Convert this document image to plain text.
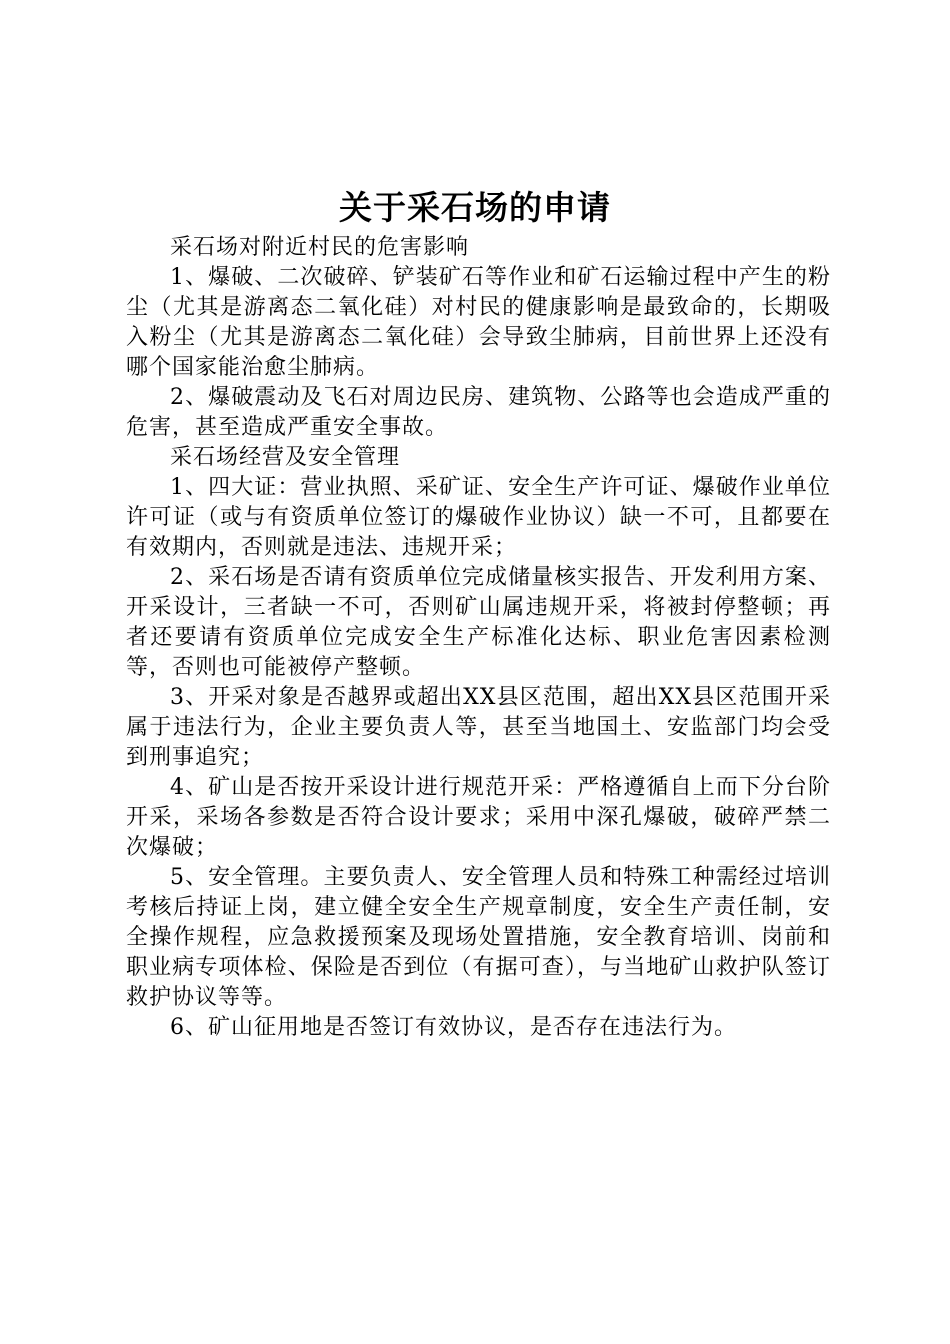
关于采石场的申请

采石场对附近村民的危害影响

1、爆破、二次破碎、铲装矿石等作业和矿石运输过程中产生的粉尘（尤其是游离态二氧化硅）对村民的健康影响是最致命的，长期吸入粉尘（尤其是游离态二氧化硅）会导致尘肺病，目前世界上还没有哪个国家能治愈尘肺病。

2、爆破震动及飞石对周边民房、建筑物、公路等也会造成严重的危害，甚至造成严重安全事故。

采石场经营及安全管理

1、四大证：营业执照、采矿证、安全生产许可证、爆破作业单位许可证（或与有资质单位签订的爆破作业协议）缺一不可，且都要在有效期内，否则就是违法、违规开采；

2、采石场是否请有资质单位完成储量核实报告、开发利用方案、开采设计，三者缺一不可，否则矿山属违规开采，将被封停整顿；再者还要请有资质单位完成安全生产标准化达标、职业危害因素检测等，否则也可能被停产整顿。

3、开采对象是否越界或超出XX县区范围，超出XX县区范围开采属于违法行为，企业主要负责人等，甚至当地国土、安监部门均会受到刑事追究；

4、矿山是否按开采设计进行规范开采：严格遵循自上而下分台阶开采，采场各参数是否符合设计要求；采用中深孔爆破，破碎严禁二次爆破；

5、安全管理。主要负责人、安全管理人员和特殊工种需经过培训考核后持证上岗，建立健全安全生产规章制度，安全生产责任制，安全操作规程，应急救援预案及现场处置措施，安全教育培训、岗前和职业病专项体检、保险是否到位（有据可查），与当地矿山救护队签订救护协议等等。

6、矿山征用地是否签订有效协议，是否存在违法行为。
